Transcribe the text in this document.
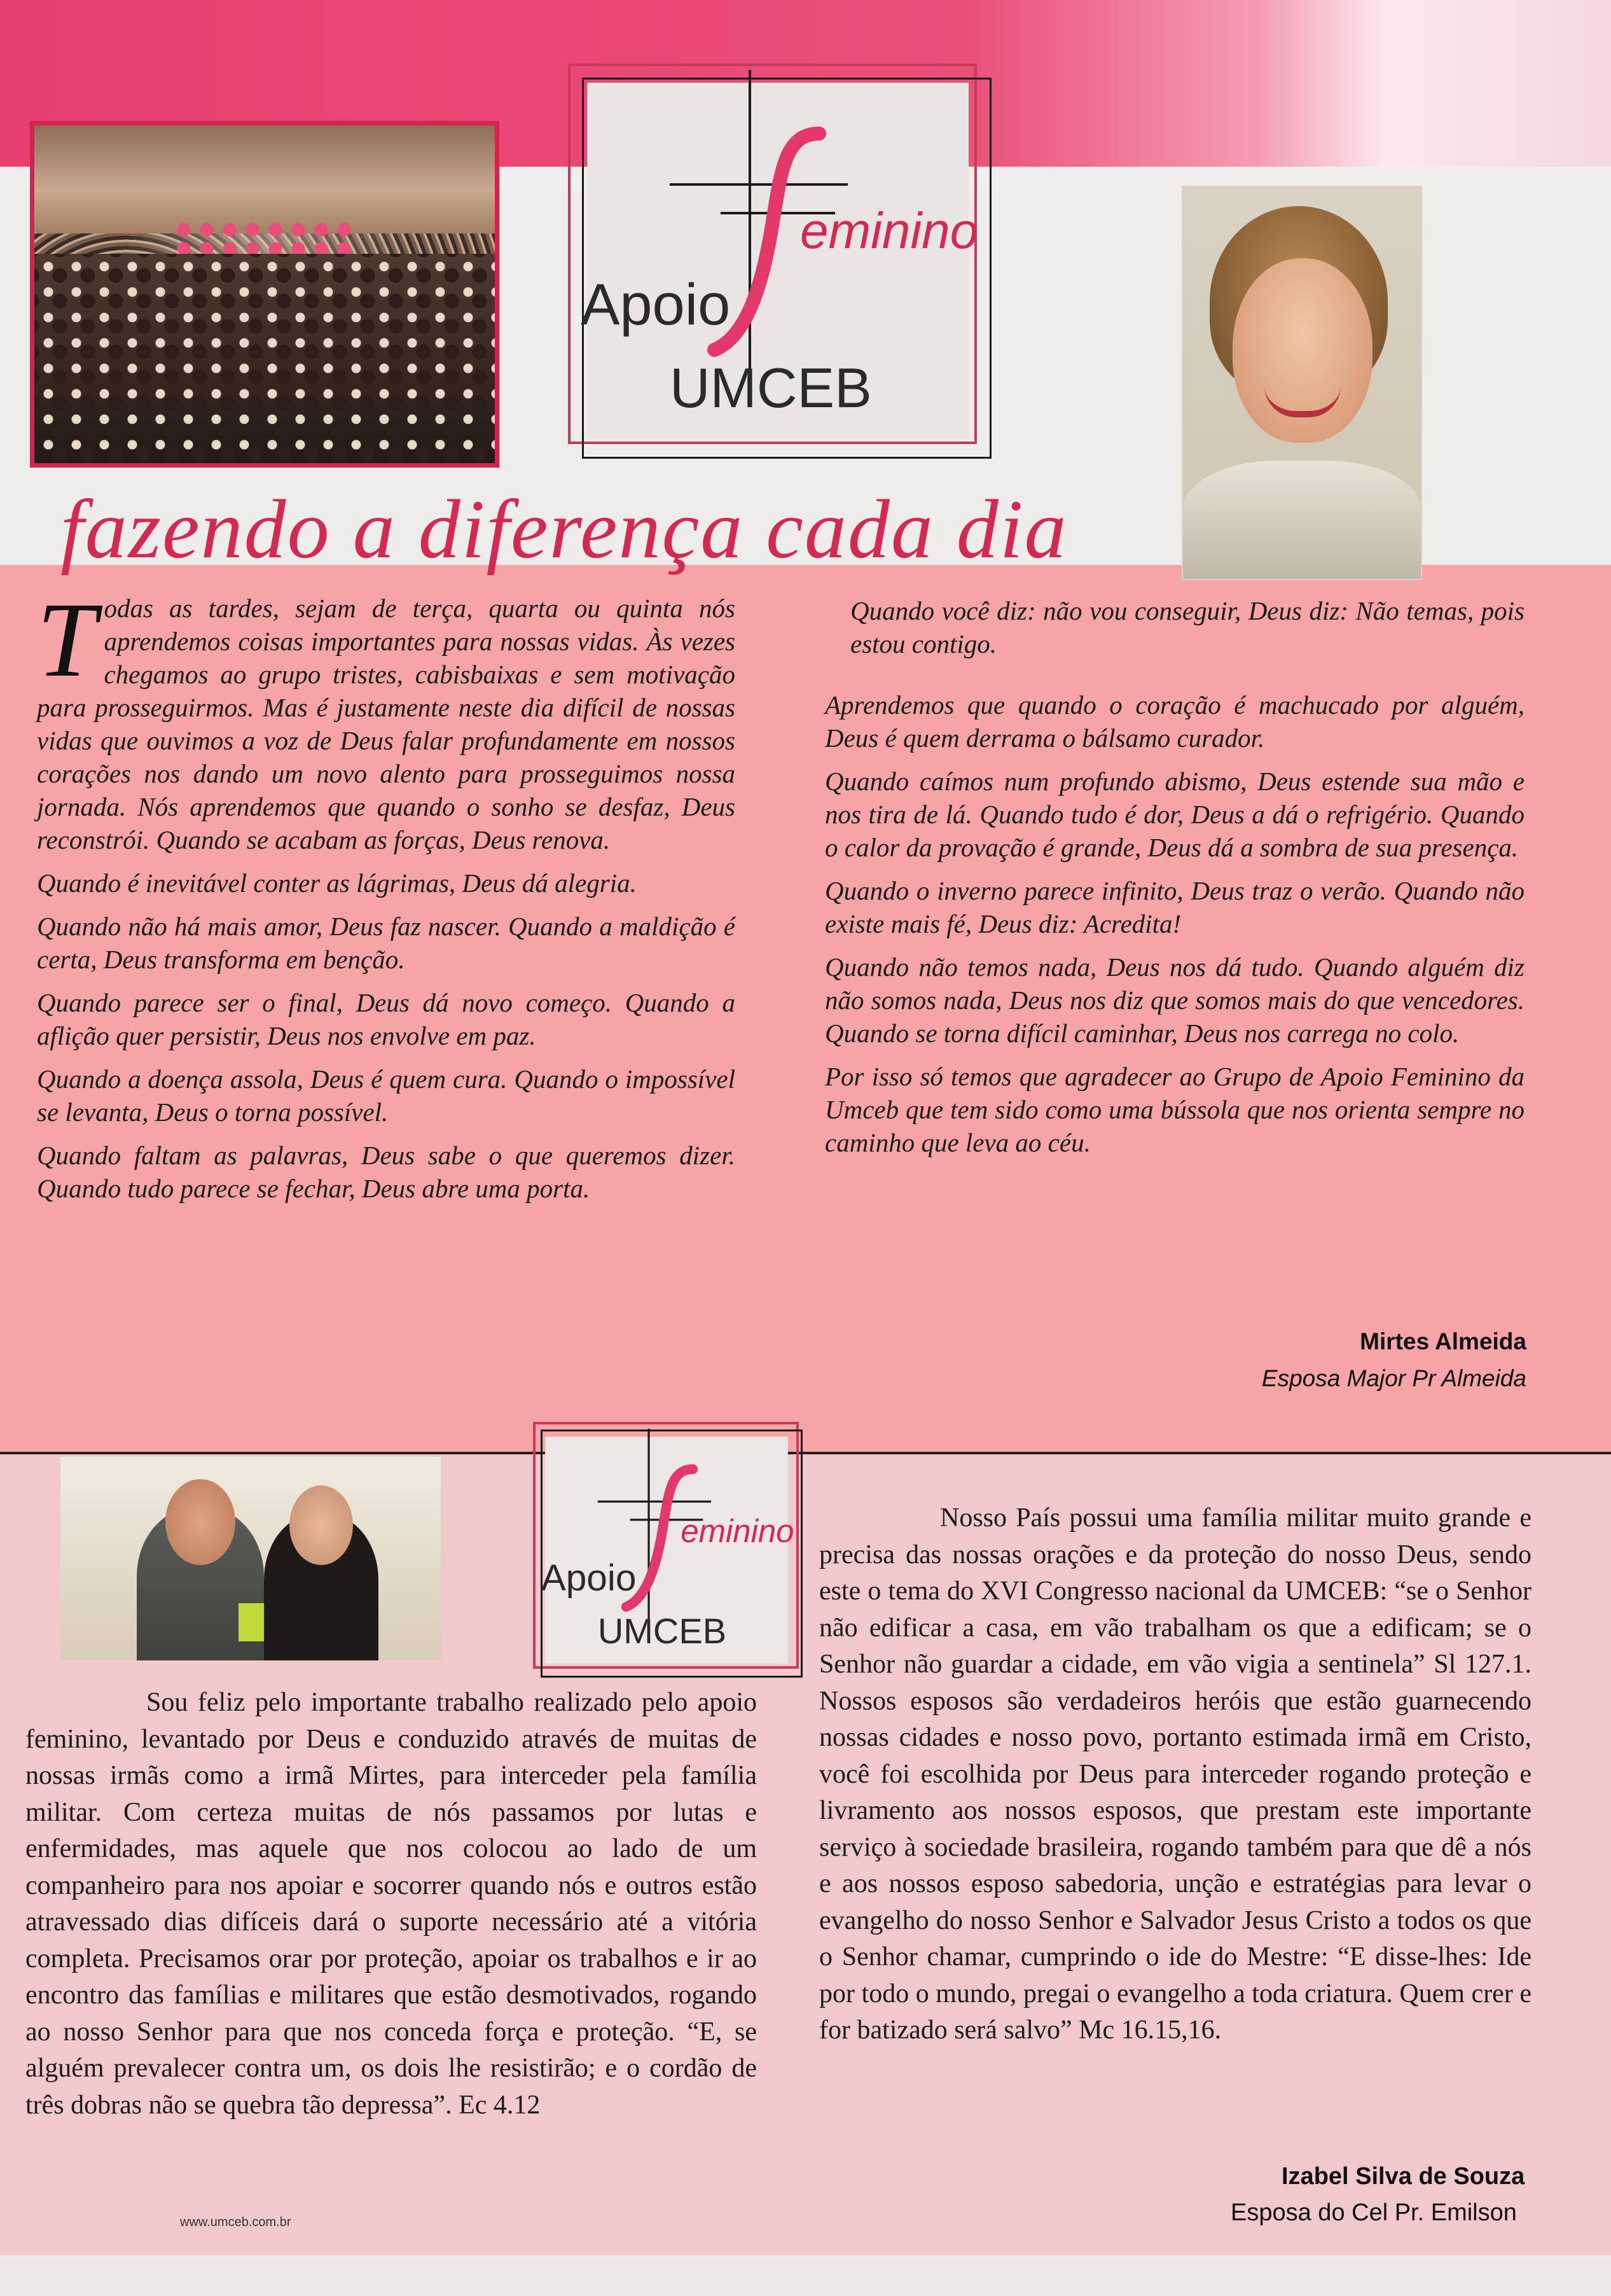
Apoio
eminino
UMCEB
fazendo a diferença cada dia

Todas as tardes, sejam de terça, quarta ou quinta nós aprendemos coisas importantes para nossas vidas. Às vezes chegamos ao grupo tristes, cabisbaixas e sem motivação para prosseguirmos. Mas é justamente neste dia difícil de nossas vidas que ouvimos a voz de Deus falar profundamente em nossos corações nos dando um novo alento para prosseguimos nossa jornada. Nós aprendemos que quando o sonho se desfaz, Deus reconstrói. Quando se acabam as forças, Deus renova.

Quando é inevitável conter as lágrimas, Deus dá alegria.

Quando não há mais amor, Deus faz nascer. Quando a maldição é certa, Deus transforma em benção.

Quando parece ser o final, Deus dá novo começo. Quando a aflição quer persistir, Deus nos envolve em paz.

Quando a doença assola, Deus é quem cura. Quando o impossível se levanta, Deus o torna possível.

Quando faltam as palavras, Deus sabe o que queremos dizer. Quando tudo parece se fechar, Deus abre uma porta.

Quando você diz: não vou conseguir, Deus diz: Não temas, pois estou contigo.

Aprendemos que quando o coração é machucado por alguém, Deus é quem derrama o bálsamo curador.

Quando caímos num profundo abismo, Deus estende sua mão e nos tira de lá. Quando tudo é dor, Deus a dá o refrigério. Quando o calor da provação é grande, Deus dá a sombra de sua presença.

Quando o inverno parece infinito, Deus traz o verão. Quando não existe mais fé, Deus diz: Acredita!

Quando não temos nada, Deus nos dá tudo. Quando alguém diz não somos nada, Deus nos diz que somos mais do que vencedores. Quando se torna difícil caminhar, Deus nos carrega no colo.

Por isso só temos que agradecer ao Grupo de Apoio Feminino da Umceb que tem sido como uma bússola que nos orienta sempre no caminho que leva ao céu.

Mirtes Almeida
Esposa Major Pr Almeida
Apoio
eminino
UMCEB

Sou feliz pelo importante trabalho realizado pelo apoio feminino, levantado por Deus e conduzido através de muitas de nossas irmãs como a irmã Mirtes, para interceder pela família militar. Com certeza muitas de nós passamos por lutas e enfermidades, mas aquele que nos colocou ao lado de um companheiro para nos apoiar e socorrer quando nós e outros estão atravessado dias difíceis dará o suporte necessário até a vitória completa. Precisamos orar por proteção, apoiar os trabalhos e ir ao encontro das famílias e militares que estão desmotivados, rogando ao nosso Senhor para que nos conceda força e proteção. “E, se alguém prevalecer contra um, os dois lhe resistirão; e o cordão de três dobras não se quebra tão depressa”. Ec 4.12

Nosso País possui uma família militar muito grande e precisa das nossas orações e da proteção do nosso Deus, sendo este o tema do XVI Congresso nacional da UMCEB: “se o Senhor não edificar a casa, em vão trabalham os que a edificam; se o Senhor não guardar a cidade, em vão vigia a sentinela” Sl 127.1. Nossos esposos são verdadeiros heróis que estão guarnecendo nossas cidades e nosso povo, portanto estimada irmã em Cristo, você foi escolhida por Deus para interceder rogando proteção e livramento aos nossos esposos, que prestam este importante serviço à sociedade brasileira, rogando também para que dê a nós e aos nossos esposo sabedoria, unção e estratégias para levar o evangelho do nosso Senhor e Salvador Jesus Cristo a todos os que o Senhor chamar, cumprindo o ide do Mestre: “E disse-lhes: Ide por todo o mundo, pregai o evangelho a toda criatura. Quem crer e for batizado será salvo” Mc 16.15,16.

Izabel Silva de Souza
Esposa do Cel Pr. Emilson
www.umceb.com.br
